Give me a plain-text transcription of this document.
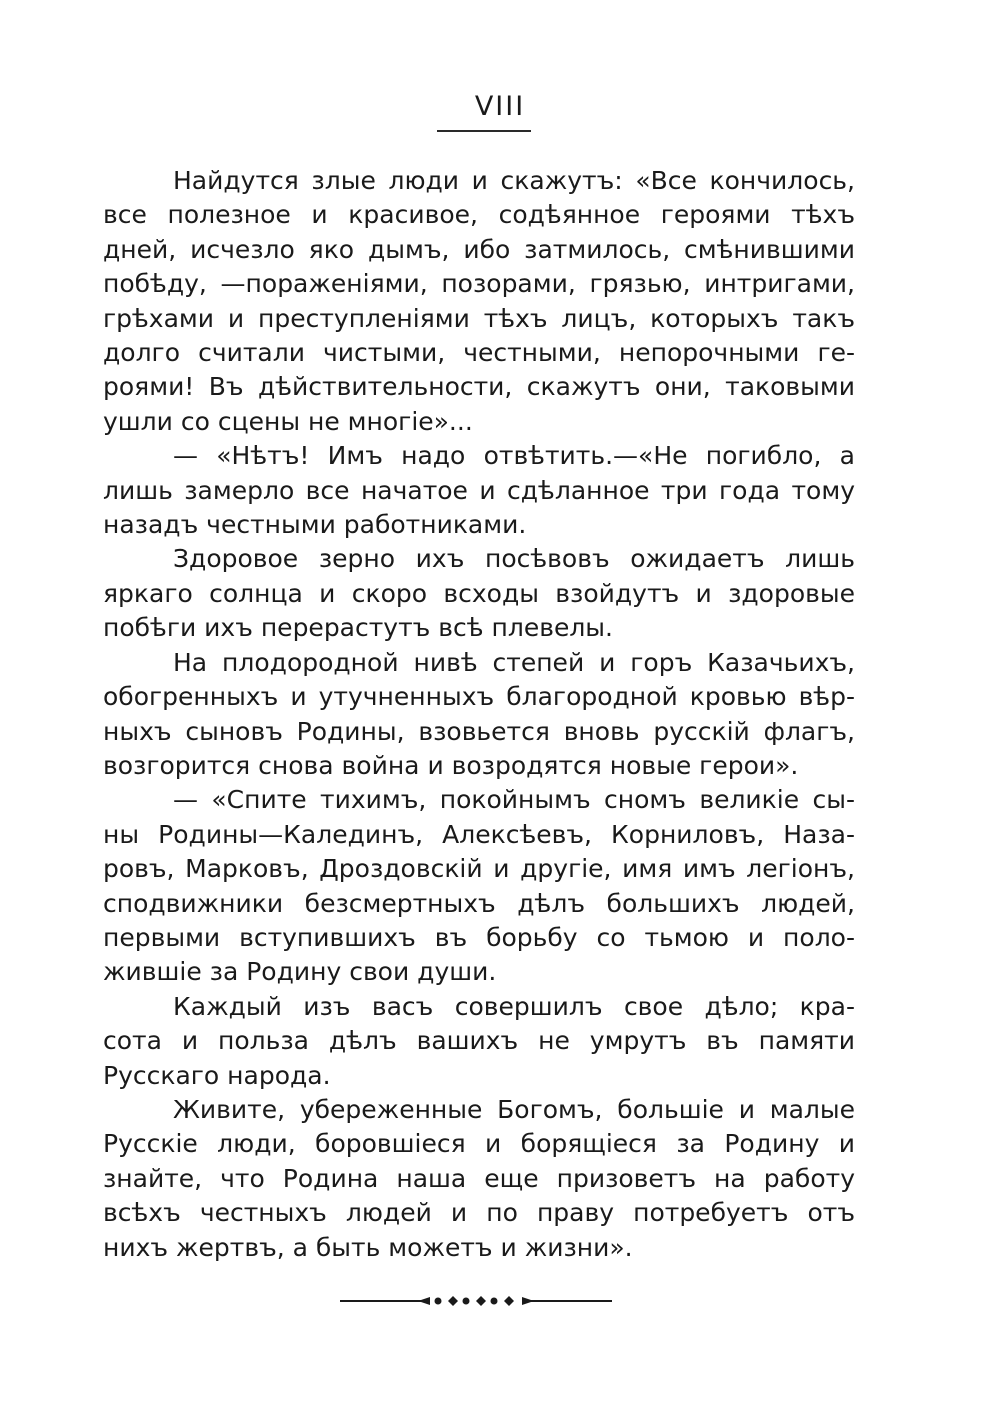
VIII
Найдутся злые люди и скажутъ: «Все кончилось,
все полезное и красивое, содѣянное героями тѣхъ
дней, исчезло яко дымъ, ибо затмилось, смѣнившими
побѣду, —пораженіями, позорами, грязью, интригами,
грѣхами и преступленіями тѣхъ лицъ, которыхъ такъ
долго считали чистыми, честными, непорочными ге-
роями! Въ дѣйствительности, скажутъ они, таковыми
ушли со сцены не многіе»...
— «Нѣтъ! Имъ надо отвѣтить.—«Не погибло, а
лишь замерло все начатое и сдѣланное три года тому
назадъ честными работниками.
Здоровое зерно ихъ посѣвовъ ожидаетъ лишь
яркаго солнца и скоро всходы взойдутъ и здоровые
побѣги ихъ перерастутъ всѣ плевелы.
На плодородной нивѣ степей и горъ Казачьихъ,
обогренныхъ и утучненныхъ благородной кровью вѣр-
ныхъ сыновъ Родины, взовьется вновь русскій флагъ,
возгорится снова война и возродятся новые герои».
— «Спите тихимъ, покойнымъ сномъ великіе сы-
ны Родины—Калединъ, Алексѣевъ, Корниловъ, Наза-
ровъ, Марковъ, Дроздовскій и другіе, имя имъ легіонъ,
сподвижники безсмертныхъ дѣлъ большихъ людей,
первыми вступившихъ въ борьбу со тьмою и поло-
жившіе за Родину свои души.
Каждый изъ васъ совершилъ свое дѣло; кра-
сота и польза дѣлъ вашихъ не умрутъ въ памяти
Русскаго народа.
Живите, убереженные Богомъ, большіе и малые
Русскіе люди, боровшіеся и борящіеся за Родину и
знайте, что Родина наша еще призоветъ на работу
всѣхъ честныхъ людей и по праву потребуетъ отъ
нихъ жертвъ, а быть можетъ и жизни».
